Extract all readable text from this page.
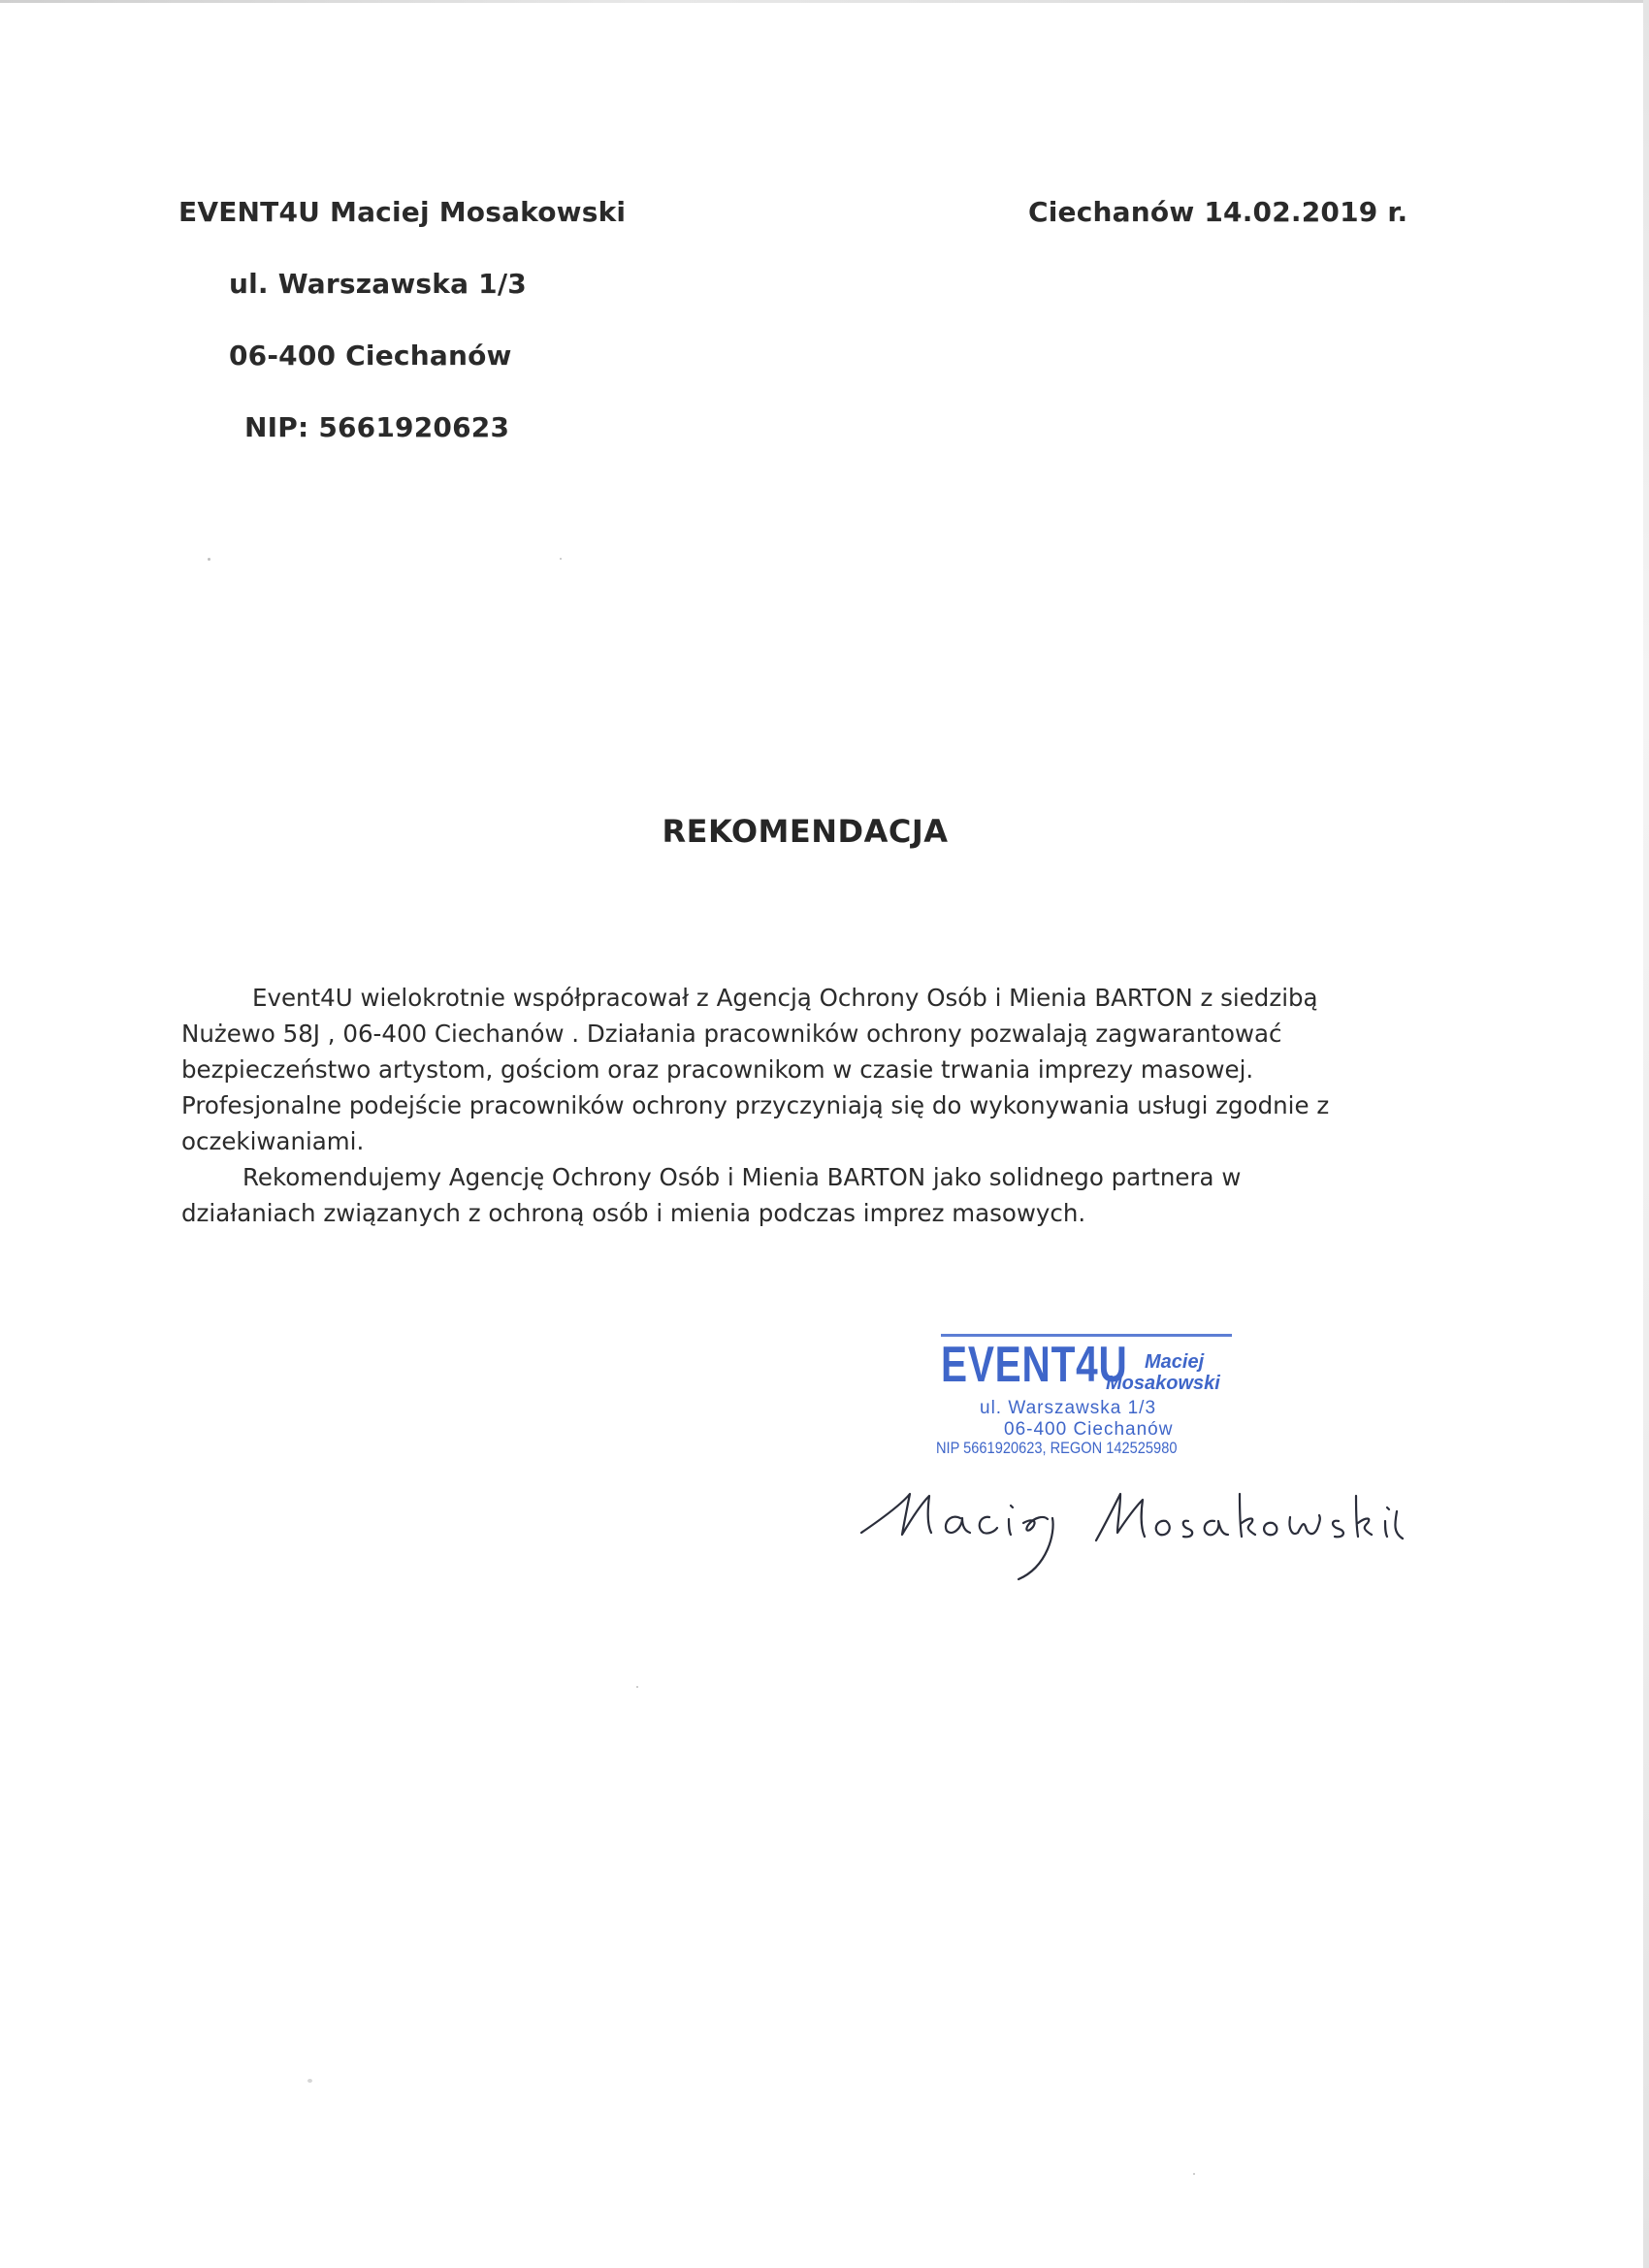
EVENT4U Maciej Mosakowski
ul. Warszawska 1/3
06-400 Ciechanów
NIP: 5661920623
Ciechanów 14.02.2019 r.
REKOMENDACJA
Event4U wielokrotnie współpracował z Agencją Ochrony Osób i Mienia BARTON z siedzibą
Nużewo 58J , 06-400 Ciechanów . Działania pracowników ochrony pozwalają zagwarantować
bezpieczeństwo artystom, gościom oraz pracownikom w czasie trwania imprezy masowej.
Profesjonalne podejście pracowników ochrony przyczyniają się do wykonywania usługi zgodnie z
oczekiwaniami.
Rekomendujemy Agencję Ochrony Osób i Mienia BARTON jako solidnego partnera w
działaniach związanych z ochroną osób i mienia podczas imprez masowych.
EVENT4U Maciej
Mosakowski
ul. Warszawska 1/3
06-400 Ciechanów
NIP 5661920623, REGON 142525980
